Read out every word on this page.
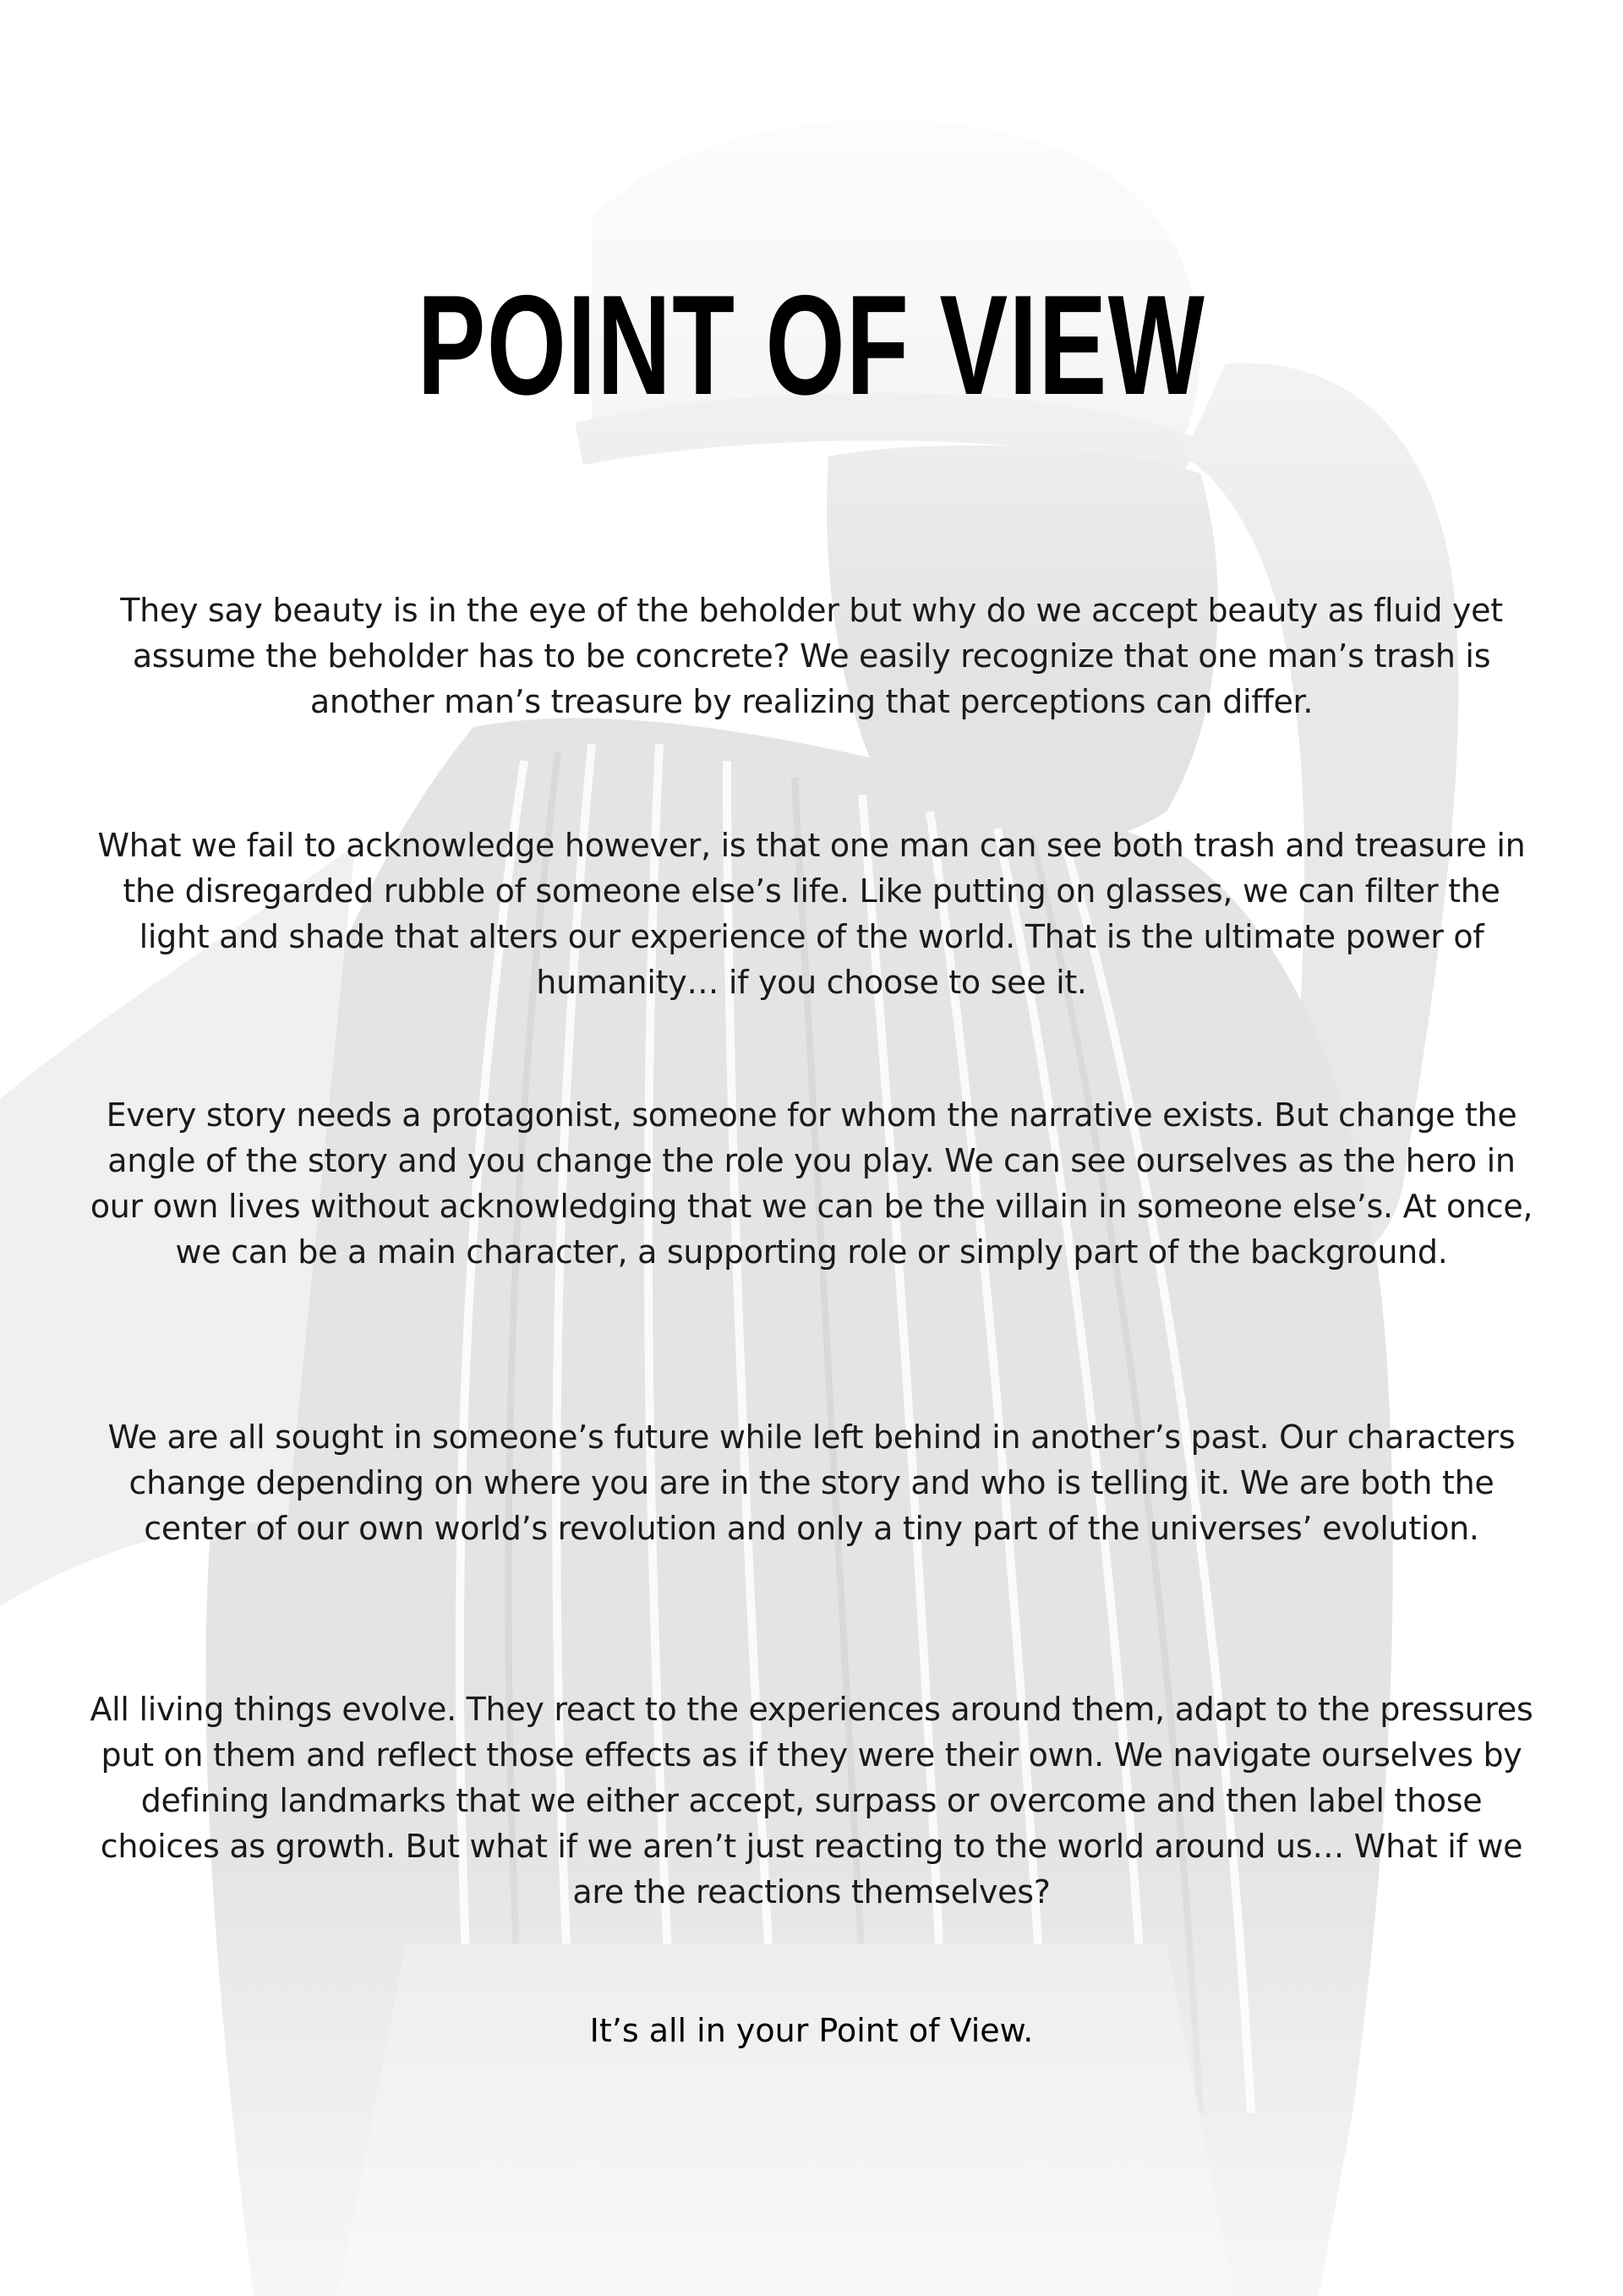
POINT OF VIEW

They say beauty is in the eye of the beholder but why do we accept beauty as fluid yet assume the beholder has to be concrete? We easily recognize that one man’s trash is another man’s treasure by realizing that perceptions can differ.

What we fail to acknowledge however, is that one man can see both trash and treasure in the disregarded rubble of someone else’s life. Like putting on glasses, we can filter the light and shade that alters our experience of the world. That is the ultimate power of humanity… if you choose to see it.

Every story needs a protagonist, someone for whom the narrative exists. But change the angle of the story and you change the role you play. We can see ourselves as the hero in our own lives without acknowledging that we can be the villain in someone else’s. At once, we can be a main character, a supporting role or simply part of the background.

We are all sought in someone’s future while left behind in another’s past. Our characters change depending on where you are in the story and who is telling it. We are both the center of our own world’s revolution and only a tiny part of the universes’ evolution.

All living things evolve. They react to the experiences around them, adapt to the pressures put on them and reflect those effects as if they were their own. We navigate ourselves by defining landmarks that we either accept, surpass or overcome and then label those choices as growth. But what if we aren’t just reacting to the world around us… What if we are the reactions themselves?

It’s all in your Point of View.
